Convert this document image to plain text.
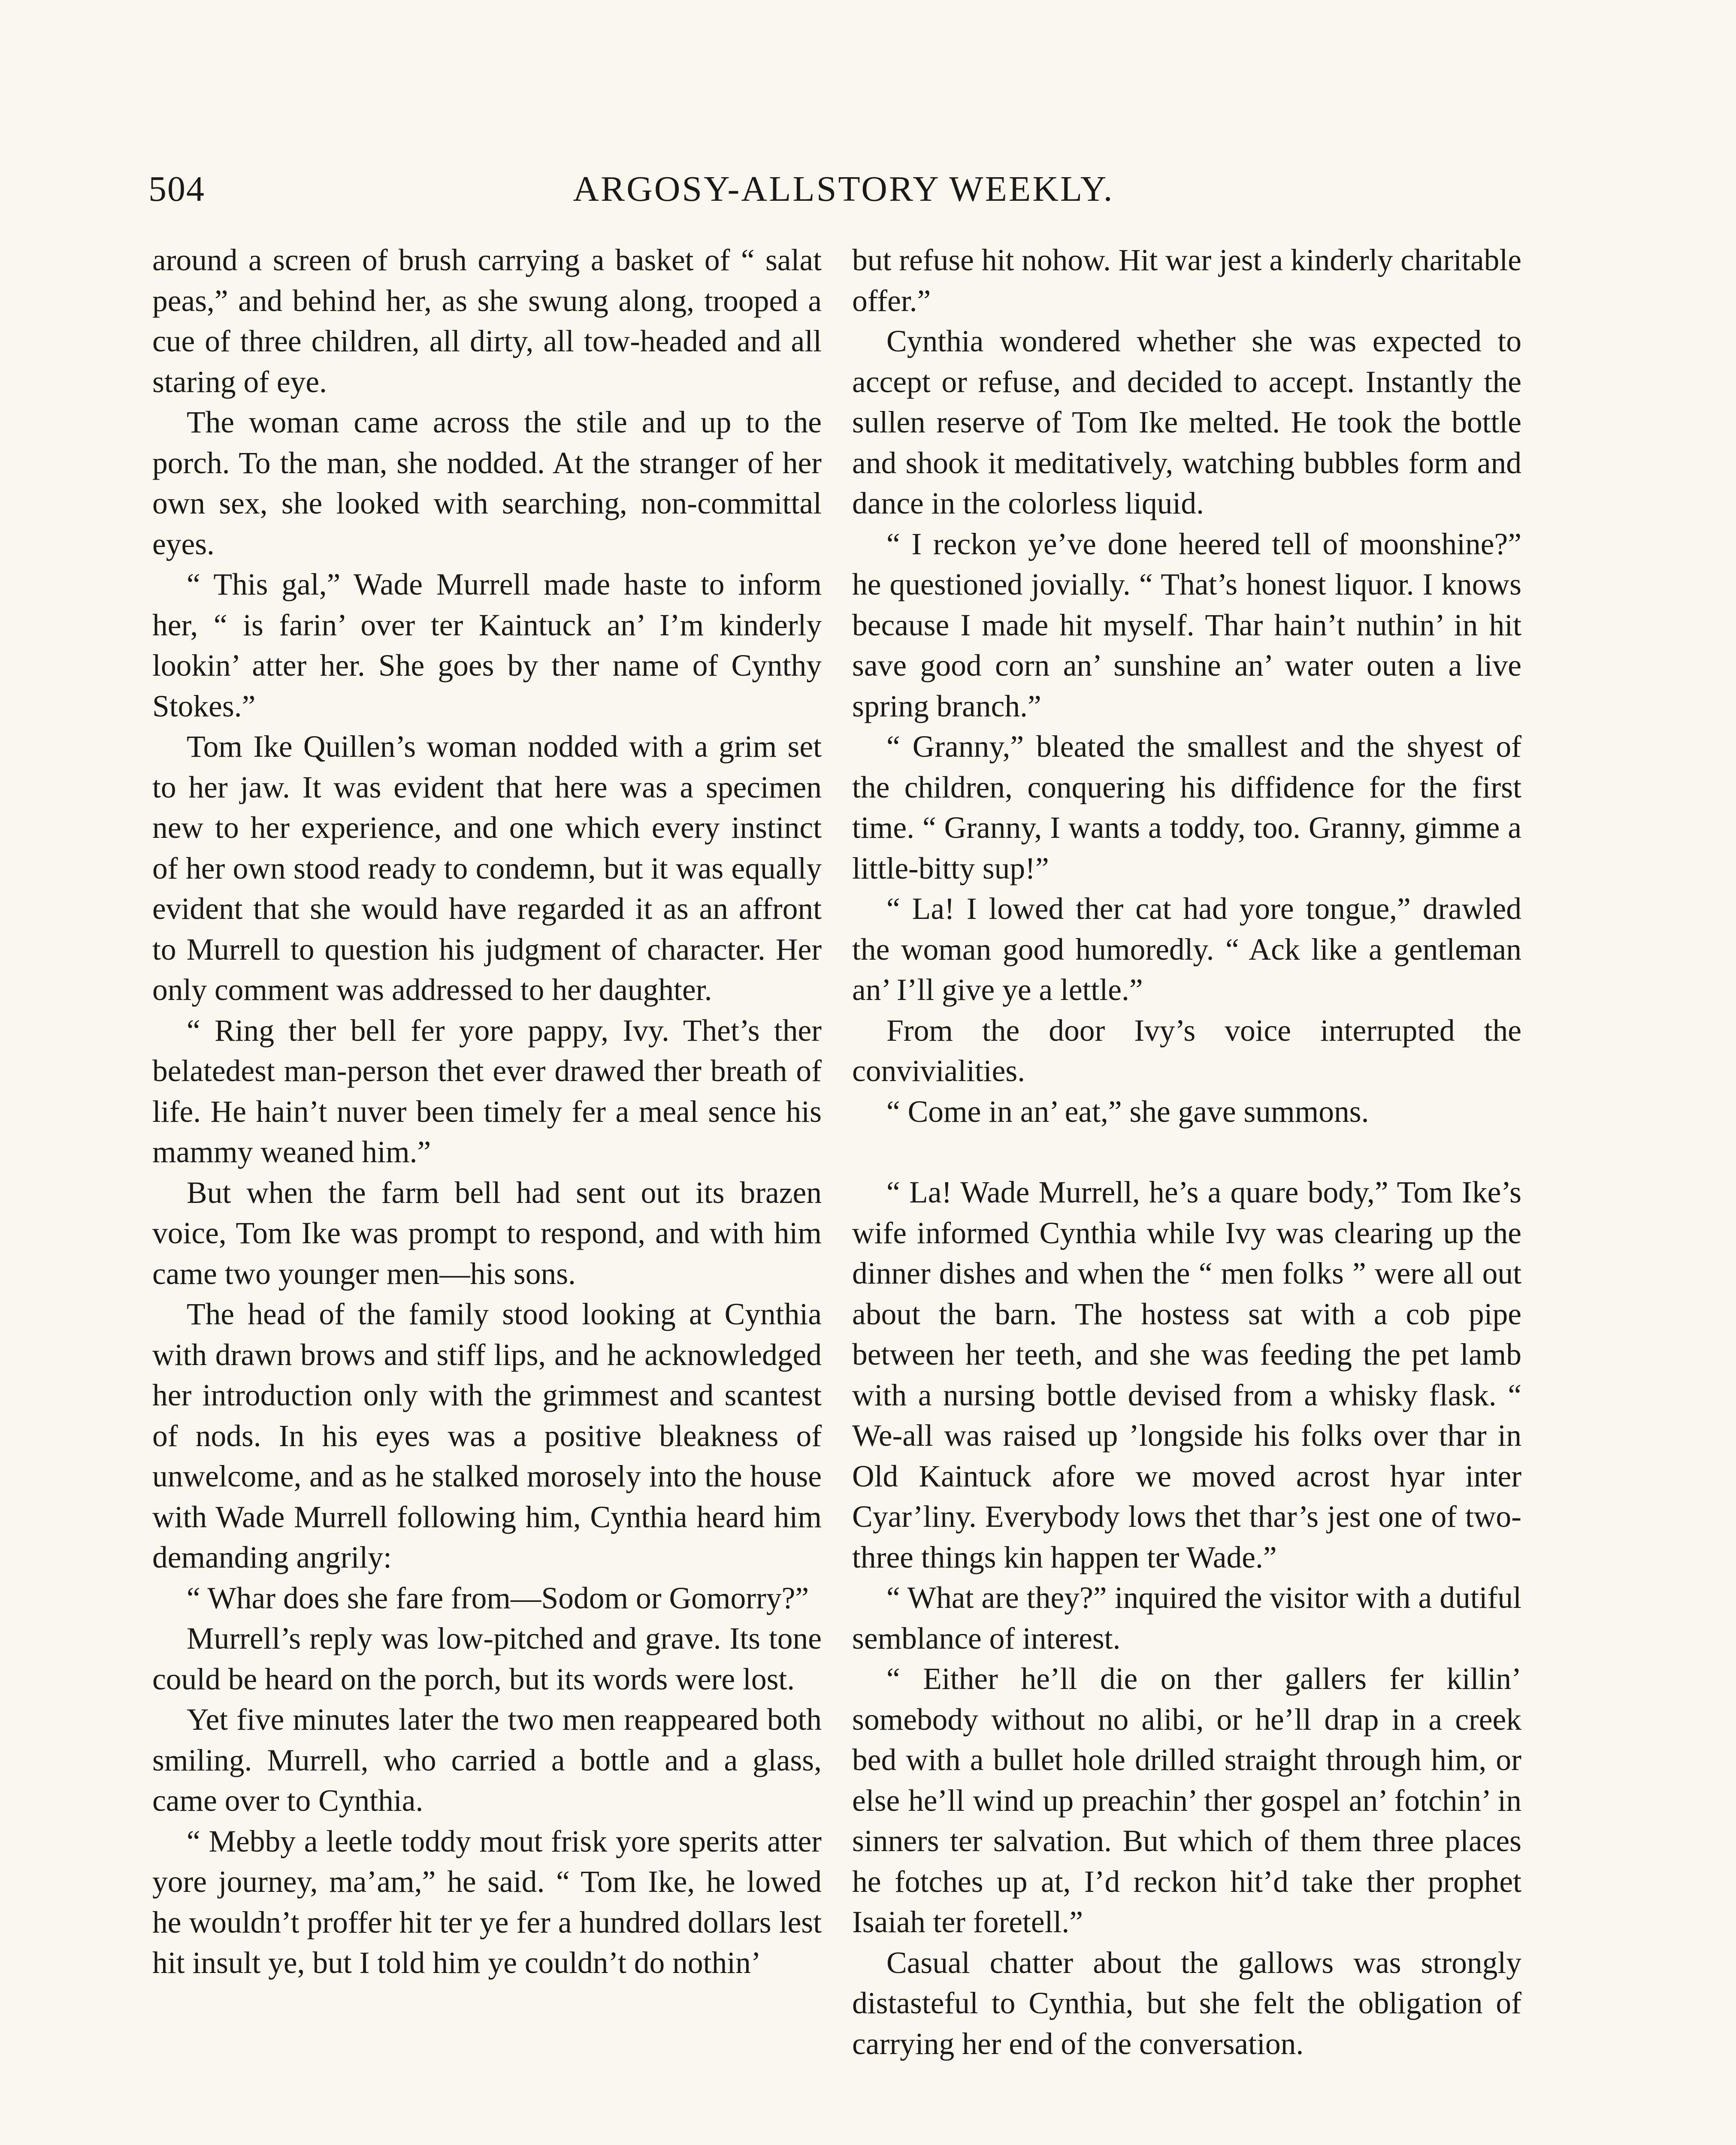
504	ARGOSY-ALLSTORY WEEKLY.

around a screen of brush carrying a basket of “ salat peas,” and behind her, as she swung along, trooped a cue of three children, all dirty, all tow-headed and all staring of eye.

The woman came across the stile and up to the porch. To the man, she nodded. At the stranger of her own sex, she looked with searching, non-committal eyes.

“ This gal,” Wade Murrell made haste to inform her, “ is farin’ over ter Kaintuck an’ I’m kinderly lookin’ atter her. She goes by ther name of Cynthy Stokes.”

Tom Ike Quillen’s woman nodded with a grim set to her jaw. It was evident that here was a specimen new to her experience, and one which every instinct of her own stood ready to condemn, but it was equally evident that she would have regarded it as an affront to Murrell to question his judgment of character. Her only comment was addressed to her daughter.

“ Ring ther bell fer yore pappy, Ivy. Thet’s ther belatedest man-person thet ever drawed ther breath of life. He hain’t nuver been timely fer a meal sence his mammy weaned him.”

But when the farm bell had sent out its brazen voice, Tom Ike was prompt to respond, and with him came two younger men—his sons.

The head of the family stood looking at Cynthia with drawn brows and stiff lips, and he acknowledged her introduction only with the grimmest and scantest of nods. In his eyes was a positive bleakness of unwelcome, and as he stalked morosely into the house with Wade Murrell following him, Cynthia heard him demanding angrily:

“ Whar does she fare from—Sodom or Gomorry?”

Murrell’s reply was low-pitched and grave. Its tone could be heard on the porch, but its words were lost.

Yet five minutes later the two men reappeared both smiling. Murrell, who carried a bottle and a glass, came over to Cynthia.

“ Mebby a leetle toddy mout frisk yore sperits atter yore journey, ma’am,” he said. “ Tom Ike, he lowed he wouldn’t proffer hit ter ye fer a hundred dollars lest hit insult ye, but I told him ye couldn’t do nothin’

but refuse hit nohow. Hit war jest a kinderly charitable offer.”

Cynthia wondered whether she was expected to accept or refuse, and decided to accept. Instantly the sullen reserve of Tom Ike melted. He took the bottle and shook it meditatively, watching bubbles form and dance in the colorless liquid.

“ I reckon ye’ve done heered tell of moonshine?” he questioned jovially. “ That’s honest liquor. I knows because I made hit myself. Thar hain’t nuthin’ in hit save good corn an’ sunshine an’ water outen a live spring branch.”

“ Granny,” bleated the smallest and the shyest of the children, conquering his diffidence for the first time. “ Granny, I wants a toddy, too. Granny, gimme a little-bitty sup!”

“ La! I lowed ther cat had yore tongue,” drawled the woman good humoredly. “ Ack like a gentleman an’ I’ll give ye a lettle.”

From the door Ivy’s voice interrupted the convivialities.

“ Come in an’ eat,” she gave summons.

“ La! Wade Murrell, he’s a quare body,” Tom Ike’s wife informed Cynthia while Ivy was clearing up the dinner dishes and when the “ men folks ” were all out about the barn. The hostess sat with a cob pipe between her teeth, and she was feeding the pet lamb with a nursing bottle devised from a whisky flask. “ We-all was raised up ’longside his folks over thar in Old Kaintuck afore we moved acrost hyar inter Cyar’liny. Everybody lows thet thar’s jest one of two-three things kin happen ter Wade.”

“ What are they?” inquired the visitor with a dutiful semblance of interest.

“ Either he’ll die on ther gallers fer killin’ somebody without no alibi, or he’ll drap in a creek bed with a bullet hole drilled straight through him, or else he’ll wind up preachin’ ther gospel an’ fotchin’ in sinners ter salvation. But which of them three places he fotches up at, I’d reckon hit’d take ther prophet Isaiah ter foretell.”

Casual chatter about the gallows was strongly distasteful to Cynthia, but she felt the obligation of carrying her end of the conversation.
